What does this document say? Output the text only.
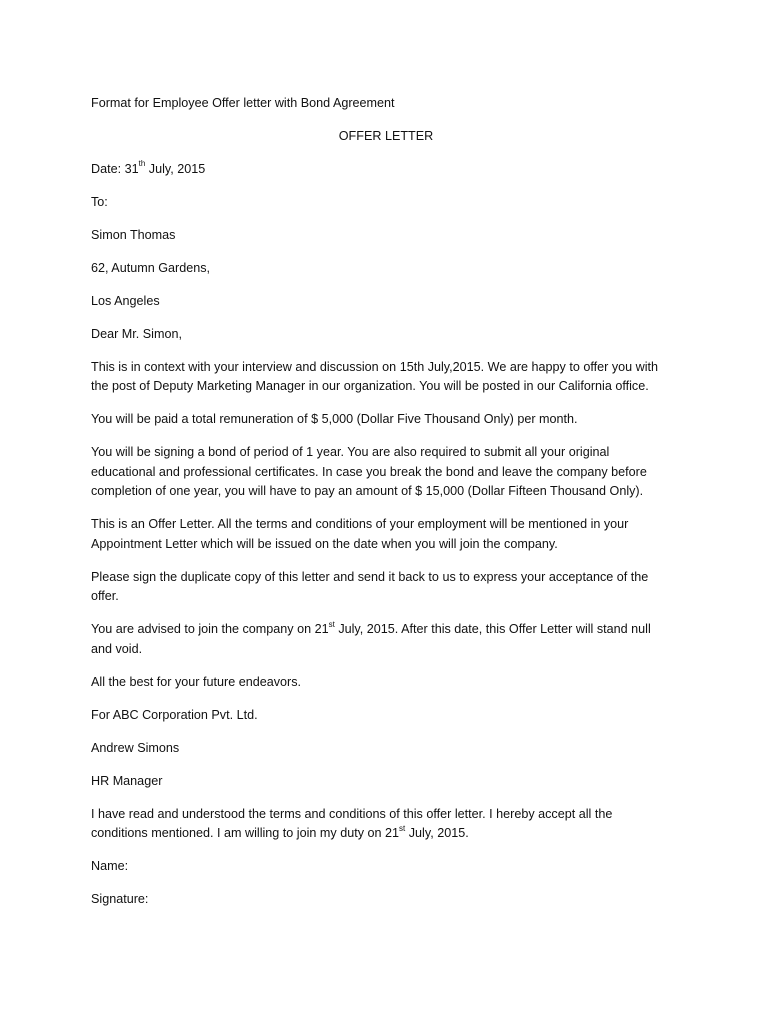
Format for Employee Offer letter with Bond Agreement

OFFER LETTER

Date: 31th July, 2015

To:

Simon Thomas

62, Autumn Gardens,

Los Angeles

Dear Mr. Simon,

This is in context with your interview and discussion on 15th July,2015. We are happy to offer you with

the post of Deputy Marketing Manager in our organization. You will be posted in our California office.

You will be paid a total remuneration of $ 5,000 (Dollar Five Thousand Only) per month.

You will be signing a bond of period of 1 year. You are also required to submit all your original

educational and professional certificates. In case you break the bond and leave the company before

completion of one year, you will have to pay an amount of $ 15,000 (Dollar Fifteen Thousand Only).

This is an Offer Letter. All the terms and conditions of your employment will be mentioned in your

Appointment Letter which will be issued on the date when you will join the company.

Please sign the duplicate copy of this letter and send it back to us to express your acceptance of the

offer.

You are advised to join the company on 21st July, 2015. After this date, this Offer Letter will stand null

and void.

All the best for your future endeavors.

For ABC Corporation Pvt. Ltd.

Andrew Simons

HR Manager

I have read and understood the terms and conditions of this offer letter. I hereby accept all the

conditions mentioned. I am willing to join my duty on 21st July, 2015.

Name:

Signature:
